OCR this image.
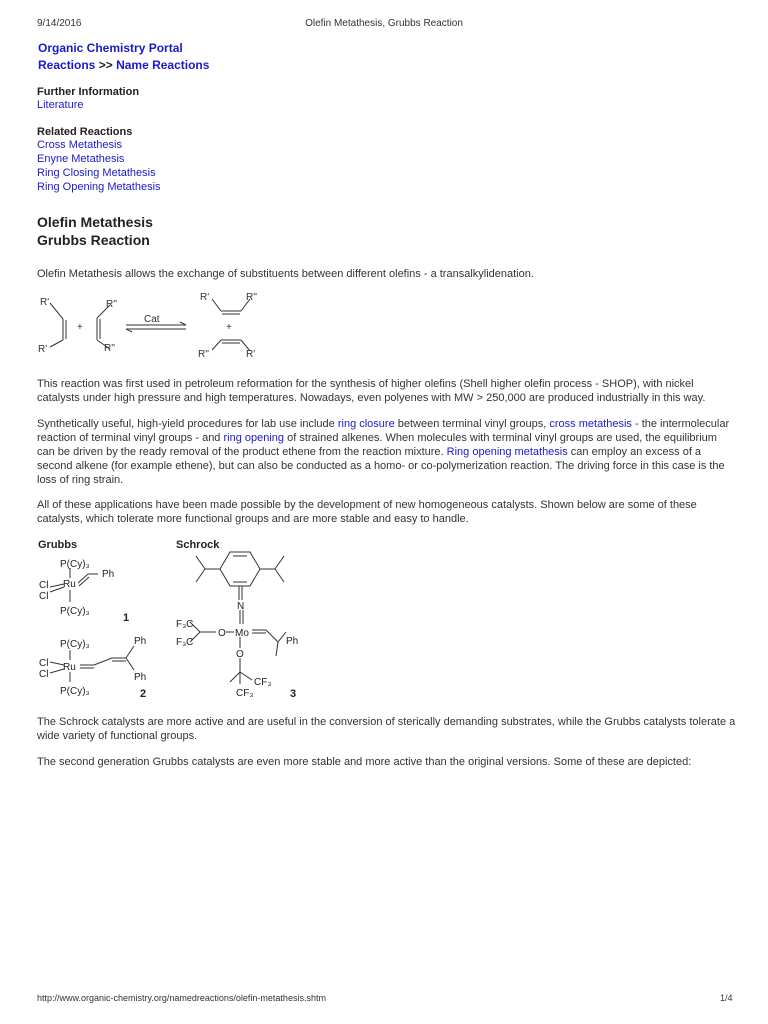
9/14/2016	Olefin Metathesis, Grubbs Reaction
Organic Chemistry Portal
Reactions >> Name Reactions
Further Information
Literature
Related Reactions
Cross Metathesis
Enyne Metathesis
Ring Closing Metathesis
Ring Opening Metathesis
Olefin Metathesis
Grubbs Reaction
Olefin Metathesis allows the exchange of substituents between different olefins - a transalkylidenation.
R'
R'
+
R''
R''
Cat
R'	R''
+
R''	R'
This reaction was first used in petroleum reformation for the synthesis of higher olefins (Shell higher olefin process - SHOP), with nickel catalysts under high pressure and high temperatures. Nowadays, even polyenes with MW > 250,000 are produced industrially in this way.
Synthetically useful, high-yield procedures for lab use include ring closure between terminal vinyl groups, cross metathesis - the intermolecular reaction of terminal vinyl groups - and ring opening of strained alkenes. When molecules with terminal vinyl groups are used, the equilibrium can be driven by the ready removal of the product ethene from the reaction mixture. Ring opening metathesis can employ an excess of a second alkene (for example ethene), but can also be conducted as a homo- or co-polymerization reaction. The driving force in this case is the loss of ring strain.
All of these applications have been made possible by the development of new homogeneous catalysts. Shown below are some of these catalysts, which tolerate more functional groups and are more stable and easy to handle.
Grubbs	Schrock
1
2	3
P(Cy)₃
Ru
Ph
Cl
Cl
P(Cy)₃
P(Cy)₃
Ru
Ph
Ph
Cl
Cl
P(Cy)₃
N
F₃C
F₃C
O Mo
Ph
O
CF₃
CF₃
The Schrock catalysts are more active and are useful in the conversion of sterically demanding substrates, while the Grubbs catalysts tolerate a wide variety of functional groups.
The second generation Grubbs catalysts are even more stable and more active than the original versions. Some of these are depicted:
http://www.organic-chemistry.org/namedreactions/olefin-metathesis.shtm	1/4
